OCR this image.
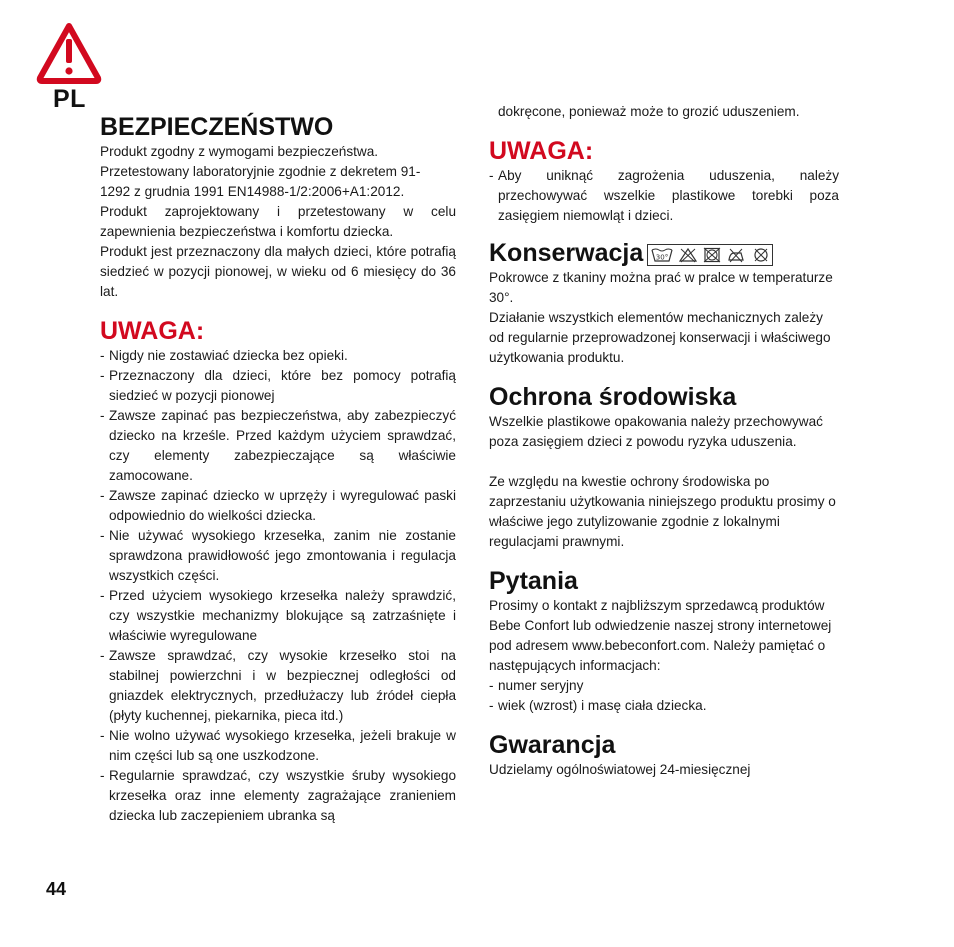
PL
BEZPIECZEŃSTWO

Produkt zgodny z wymogami bezpieczeństwa.

Przetestowany laboratoryjnie zgodnie z dekretem 91-1292 z grudnia 1991 EN14988-1/2:2006+A1:2012.

Produkt zaprojektowany i przetestowany w celu zapewnienia bezpieczeństwa i komfortu dziecka.

Produkt jest przeznaczony dla małych dzieci, które potrafią siedzieć w pozycji pionowej, w wieku od 6 miesięcy do 36 lat.

UWAGA:
- Nigdy nie zostawiać dziecka bez opieki.
- Przeznaczony dla dzieci, które bez pomocy potrafią siedzieć w pozycji pionowej
- Zawsze zapinać pas bezpieczeństwa, aby zabezpieczyć dziecko na krześle. Przed każdym użyciem sprawdzać, czy elementy zabezpieczające są właściwie zamocowane.
- Zawsze zapinać dziecko w uprzęży i wyregulować paski odpowiednio do wielkości dziecka.
- Nie używać wysokiego krzesełka, zanim nie zostanie sprawdzona prawidłowość jego zmontowania i regulacja wszystkich części.
- Przed użyciem wysokiego krzesełka należy sprawdzić, czy wszystkie mechanizmy blokujące są zatrzaśnięte i właściwie wyregulowane
- Zawsze sprawdzać, czy wysokie krzesełko stoi na stabilnej powierzchni i w bezpiecznej odległości od gniazdek elektrycznych, przedłużaczy lub źródeł ciepła (płyty kuchennej, piekarnika, pieca itd.)
- Nie wolno używać wysokiego krzesełka, jeżeli brakuje w nim części lub są one uszkodzone.
- Regularnie sprawdzać, czy wszystkie śruby wysokiego krzesełka oraz inne elementy zagrażające zranieniem dziecka lub zaczepieniem ubranka są

dokręcone, ponieważ może to grozić uduszeniem.

UWAGA:
- Aby uniknąć zagrożenia uduszenia, należy przechowywać wszelkie plastikowe torebki poza zasięgiem niemowląt i dzieci.
Konserwacja 30°

Pokrowce z tkaniny można prać w pralce w temperaturze 30°.

Działanie wszystkich elementów mechanicznych zależy od regularnie przeprowadzonej konserwacji i właściwego użytkowania produktu.

Ochrona środowiska

Wszelkie plastikowe opakowania należy przechowywać poza zasięgiem dzieci z powodu ryzyka uduszenia.

Ze względu na kwestie ochrony środowiska po zaprzestaniu użytkowania niniejszego produktu prosimy o właściwe jego zutylizowanie zgodnie z lokalnymi regulacjami prawnymi.

Pytania

Prosimy o kontakt z najbliższym sprzedawcą produktów Bebe Confort lub odwiedzenie naszej strony internetowej pod adresem www.bebeconfort.com. Należy pamiętać o następujących informacjach:

- numer seryjny
- wiek (wzrost) i masę ciała dziecka.
Gwarancja

Udzielamy ogólnoświatowej 24-miesięcznej

44
